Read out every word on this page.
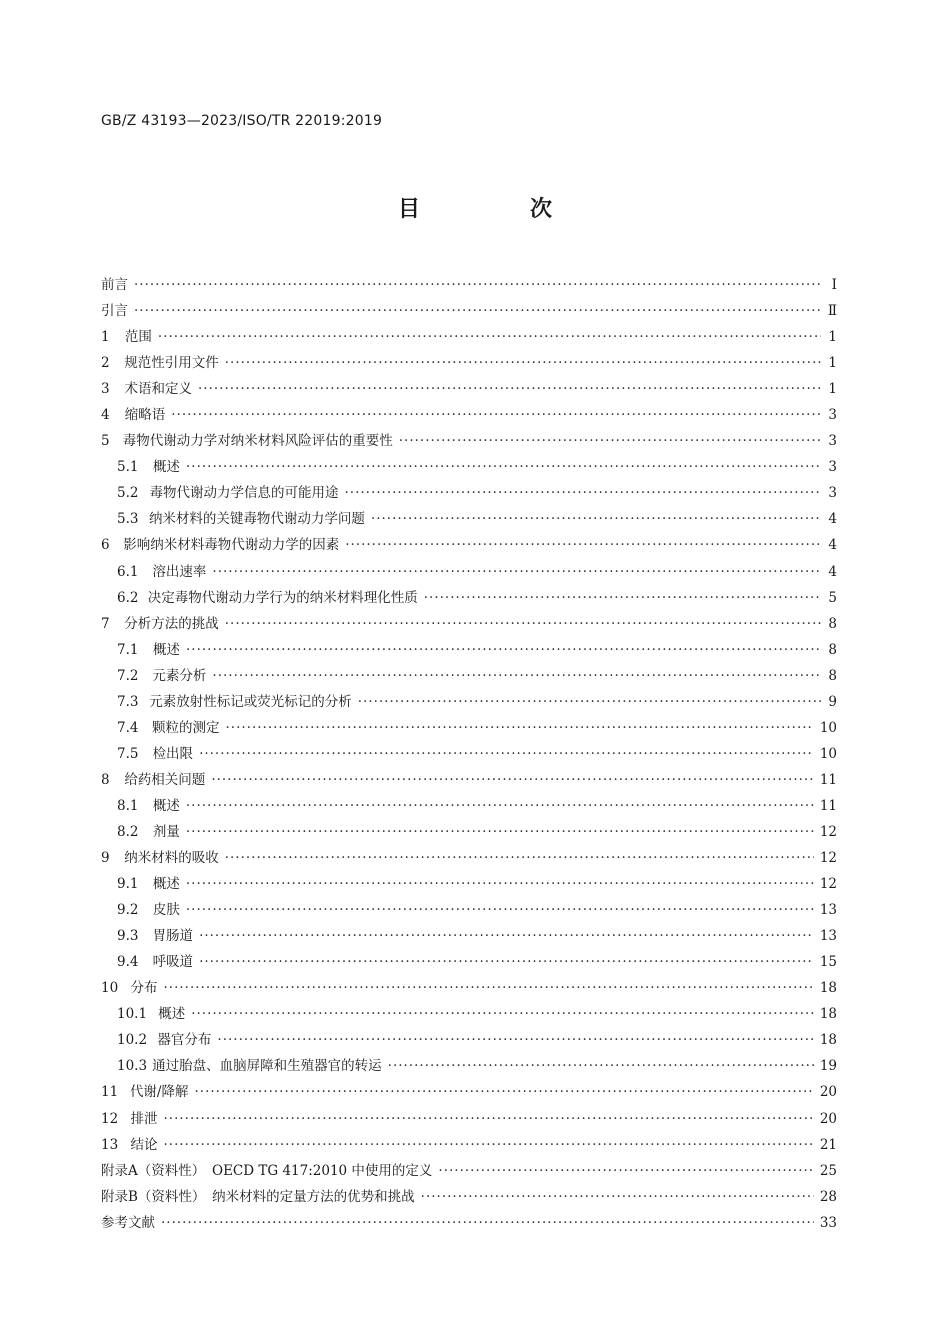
GB/Z 43193—2023/ISO/TR 22019:2019
目　次
前言 ·····	Ⅰ
引言 ·····	Ⅱ
1 范围 ·····	1
2 规范性引用文件 ·····	1
3 术语和定义 ·····	1
4 缩略语 ·····	3
5 毒物代谢动力学对纳米材料风险评估的重要性 ·····	3
5.1 概述 ·····	3
5.2 毒物代谢动力学信息的可能用途 ·····	3
5.3 纳米材料的关键毒物代谢动力学问题 ·····	4
6 影响纳米材料毒物代谢动力学的因素 ·····	4
6.1 溶出速率 ·····	4
6.2 决定毒物代谢动力学行为的纳米材料理化性质 ·····	5
7 分析方法的挑战 ·····	8
7.1 概述 ·····	8
7.2 元素分析 ·····	8
7.3 元素放射性标记或荧光标记的分析 ·····	9
7.4 颗粒的测定 ·····	10
7.5 检出限 ·····	10
8 给药相关问题 ·····	11
8.1 概述 ·····	11
8.2 剂量 ·····	12
9 纳米材料的吸收 ·····	12
9.1 概述 ·····	12
9.2 皮肤 ·····	13
9.3 胃肠道 ·····	13
9.4 呼吸道 ·····	15
10 分布 ·····	18
10.1 概述 ·····	18
10.2 器官分布 ·····	18
10.3 通过胎盘、血脑屏障和生殖器官的转运 ·····	19
11 代谢/降解 ·····	20
12 排泄 ·····	20
13 结论 ·····	21
附录A（资料性）　OECD TG 417:2010 中使用的定义 ·····	25
附录B（资料性）　纳米材料的定量方法的优势和挑战 ·····	28
参考文献 ·····	33
